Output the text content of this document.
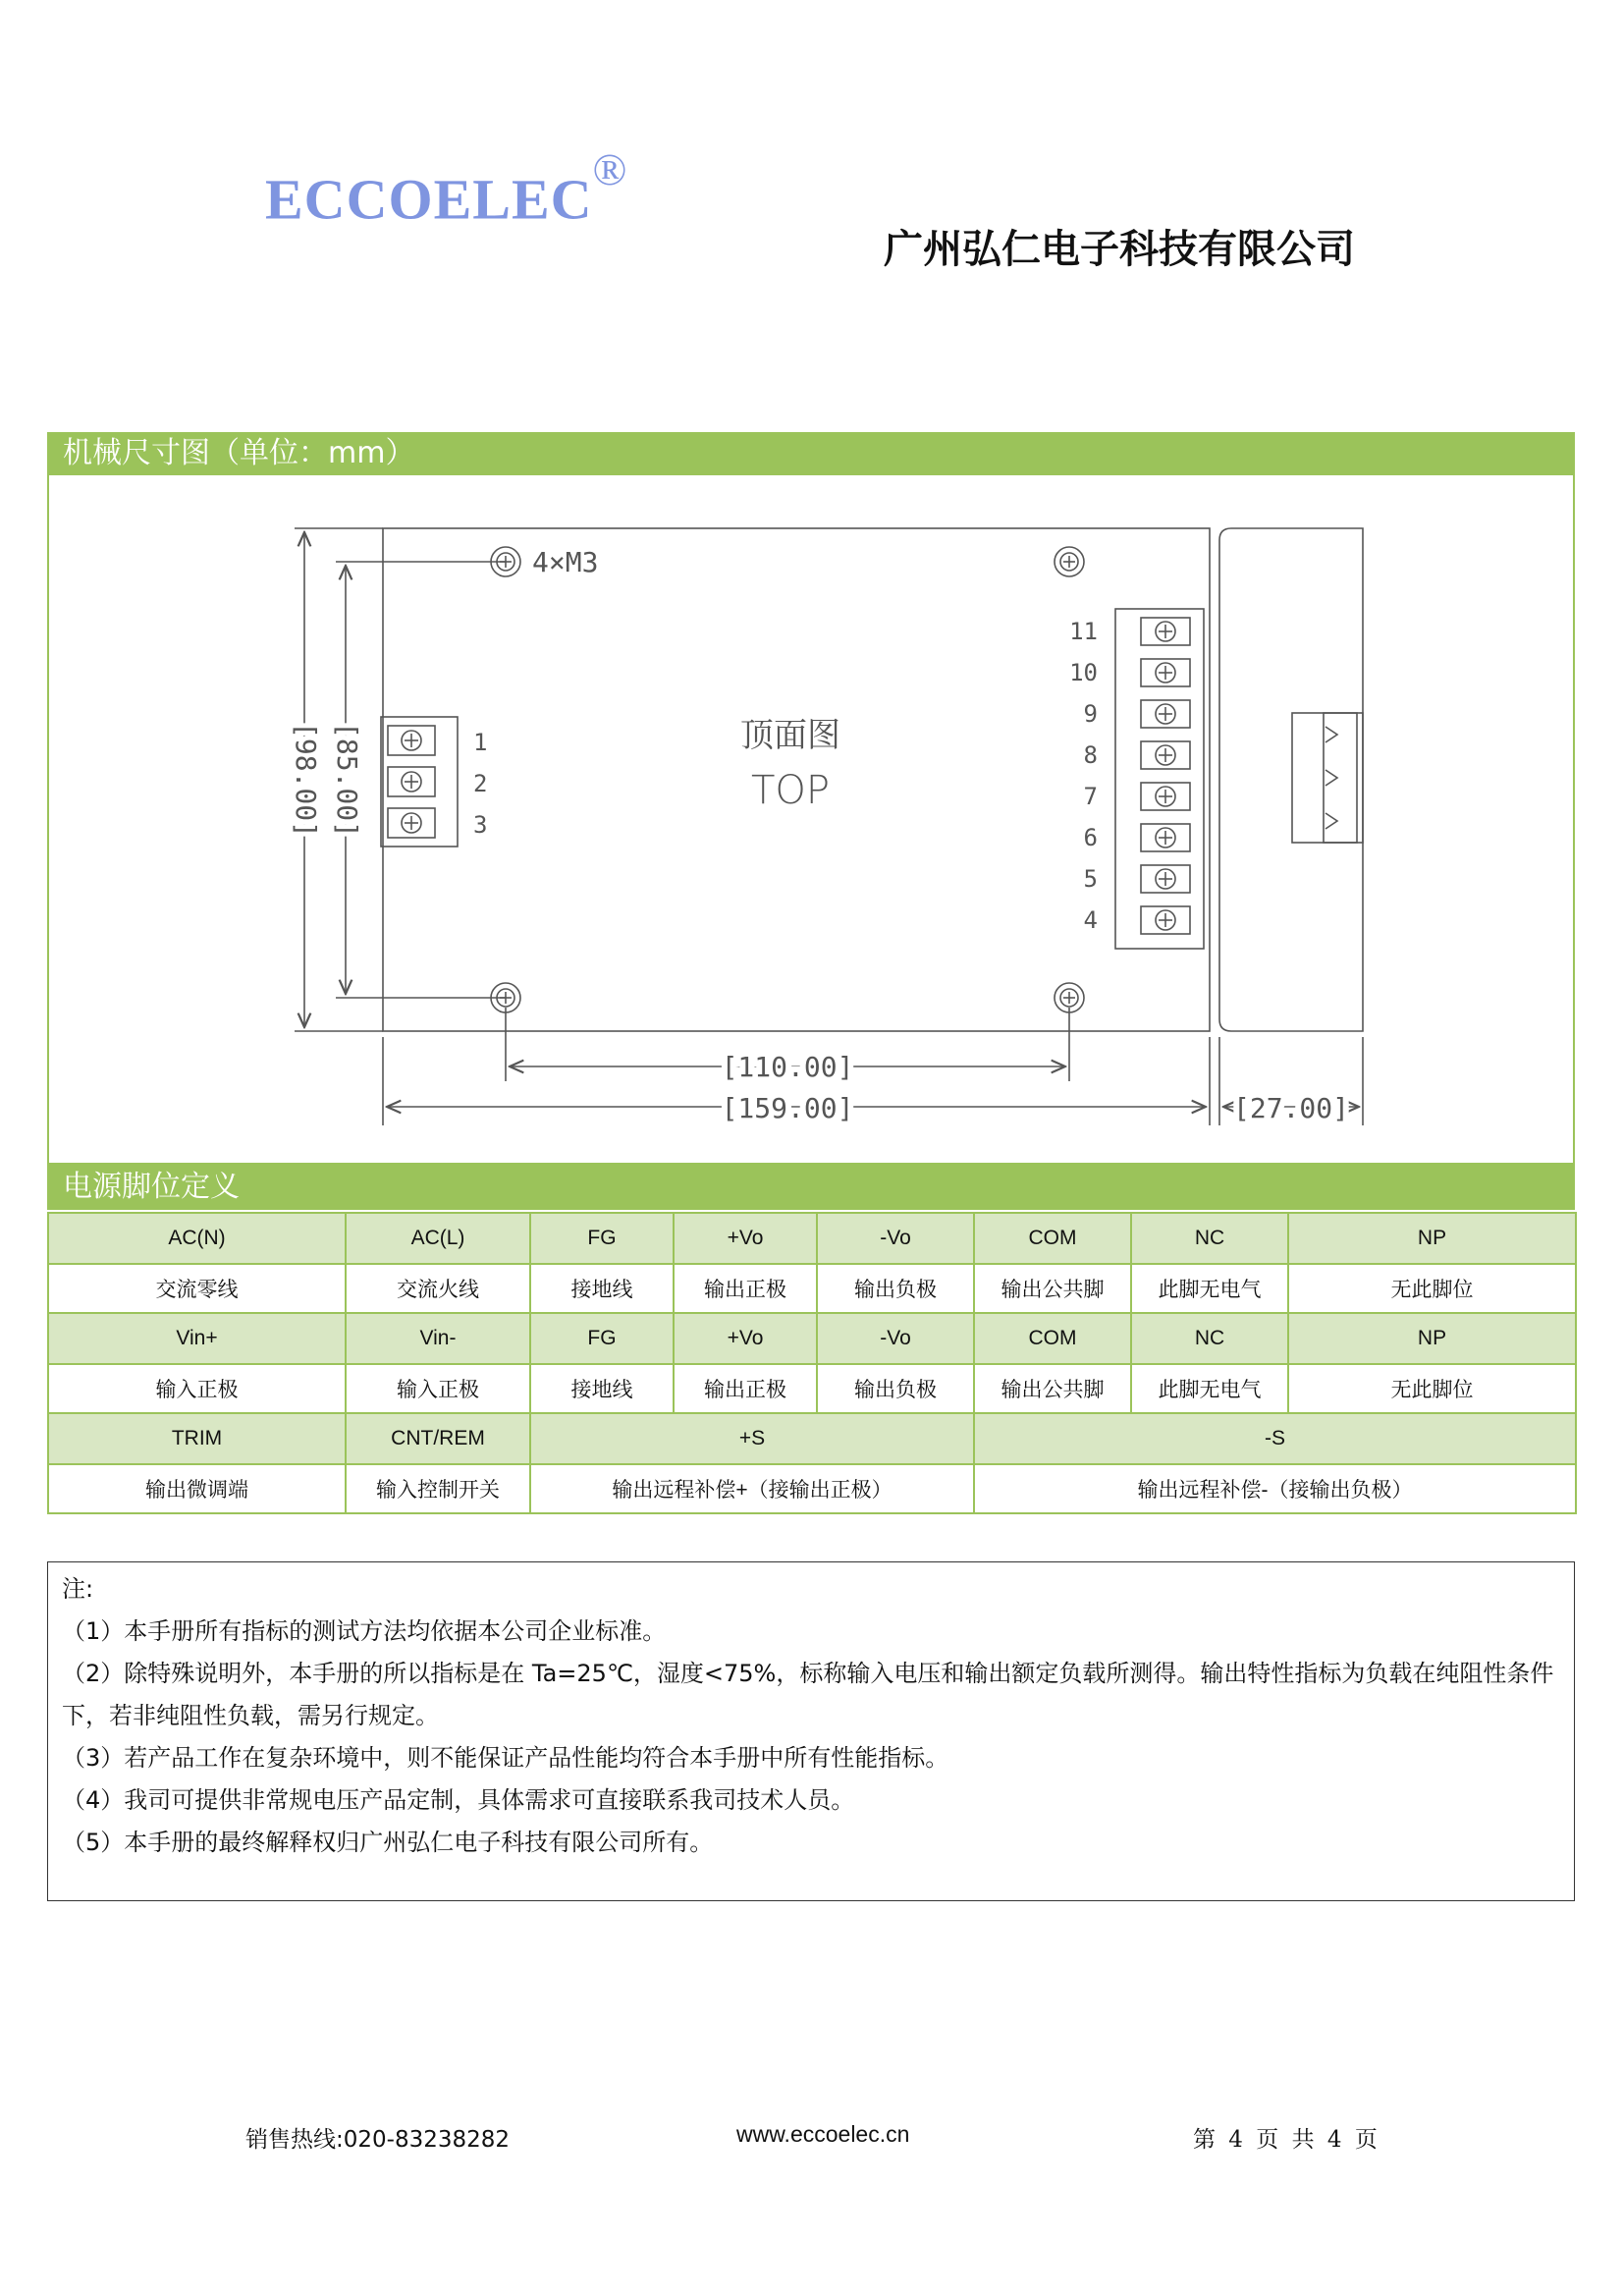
ECCOELEC®
广州弘仁电子科技有限公司
机械尺寸图（单位：mm）
4×M3
顶面图
TOP
1
2
3
11
10
9
8
7
6
5
4
[98.00] [85.00]
[110.00]
[159.00]	[27.00]
电源脚位定义
AC(N)	AC(L)	FG	+Vo	-Vo	COM	NC	NP
交流零线	交流火线	接地线	输出正极	输出负极	输出公共脚	此脚无电气	无此脚位
Vin+	Vin-	FG	+Vo	-Vo	COM	NC	NP
输入正极	输入正极	接地线	输出正极	输出负极	输出公共脚	此脚无电气	无此脚位
TRIM	CNT/REM	+S			-S		
输出微调端	输入控制开关	输出远程补偿+（接输出正极）			输出远程补偿-（接输出负极）		

注:

（1）本手册所有指标的测试方法均依据本公司企业标准。

（2）除特殊说明外，本手册的所以指标是在 Ta=25℃，湿度<75%，标称输入电压和输出额定负载所测得。输出特性指标为负载在纯阻性条件下，若非纯阻性负载，需另行规定。

（3）若产品工作在复杂环境中，则不能保证产品性能均符合本手册中所有性能指标。

（4）我司可提供非常规电压产品定制，具体需求可直接联系我司技术人员。

（5）本手册的最终解释权归广州弘仁电子科技有限公司所有。

销售热线:020-83238282	www.eccoelec.cn	第 4 页 共 4 页
